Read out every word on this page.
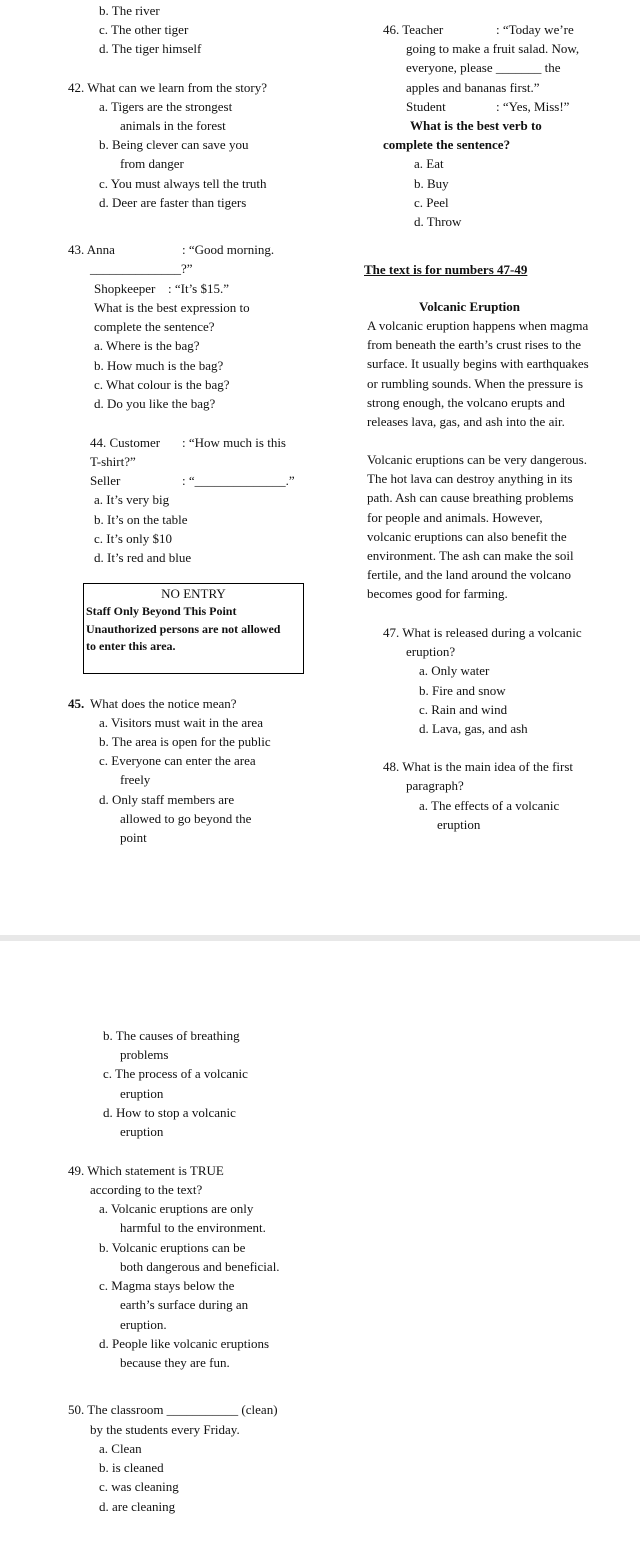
b. The river
c. The other tiger
d. The tiger himself
42. What can we learn from the story?
a. Tigers are the strongest
animals in the forest
b. Being clever can save you
from danger
c. You must always tell the truth
d. Deer are faster than tigers
43. Anna	: “Good morning.
______________?”
Shopkeeper : “It’s $15.”
What is the best expression to
complete the sentence?
a. Where is the bag?
b. How much is the bag?
c. What colour is the bag?
d. Do you like the bag?
44. Customer : “How much is this
T-shirt?”
Seller	: “______________.”
a. It’s very big
b. It’s on the table
c. It’s only $10
d. It’s red and blue
NO ENTRY
Staff Only Beyond This Point
Unauthorized persons are not allowed
to enter this area.
45. What does the notice mean?
a. Visitors must wait in the area
b. The area is open for the public
c. Everyone can enter the area
freely
d. Only staff members are
allowed to go beyond the
point
46. Teacher	: “Today we’re
going to make a fruit salad. Now,
everyone, please _______ the
apples and bananas first.”
Student	: “Yes, Miss!”
What is the best verb to
complete the sentence?
a. Eat
b. Buy
c. Peel
d. Throw
The text is for numbers 47-49
Volcanic Eruption
A volcanic eruption happens when magma
from beneath the earth’s crust rises to the
surface. It usually begins with earthquakes
or rumbling sounds. When the pressure is
strong enough, the volcano erupts and
releases lava, gas, and ash into the air.
Volcanic eruptions can be very dangerous.
The hot lava can destroy anything in its
path. Ash can cause breathing problems
for people and animals. However,
volcanic eruptions can also benefit the
environment. The ash can make the soil
fertile, and the land around the volcano
becomes good for farming.
47. What is released during a volcanic
eruption?
a. Only water
b. Fire and snow
c. Rain and wind
d. Lava, gas, and ash
48. What is the main idea of the first
paragraph?
a. The effects of a volcanic
eruption
b. The causes of breathing
problems
c. The process of a volcanic
eruption
d. How to stop a volcanic
eruption
49. Which statement is TRUE
according to the text?
a. Volcanic eruptions are only
harmful to the environment.
b. Volcanic eruptions can be
both dangerous and beneficial.
c. Magma stays below the
earth’s surface during an
eruption.
d. People like volcanic eruptions
because they are fun.
50. The classroom ___________ (clean)
by the students every Friday.
a. Clean
b. is cleaned
c. was cleaning
d. are cleaning
